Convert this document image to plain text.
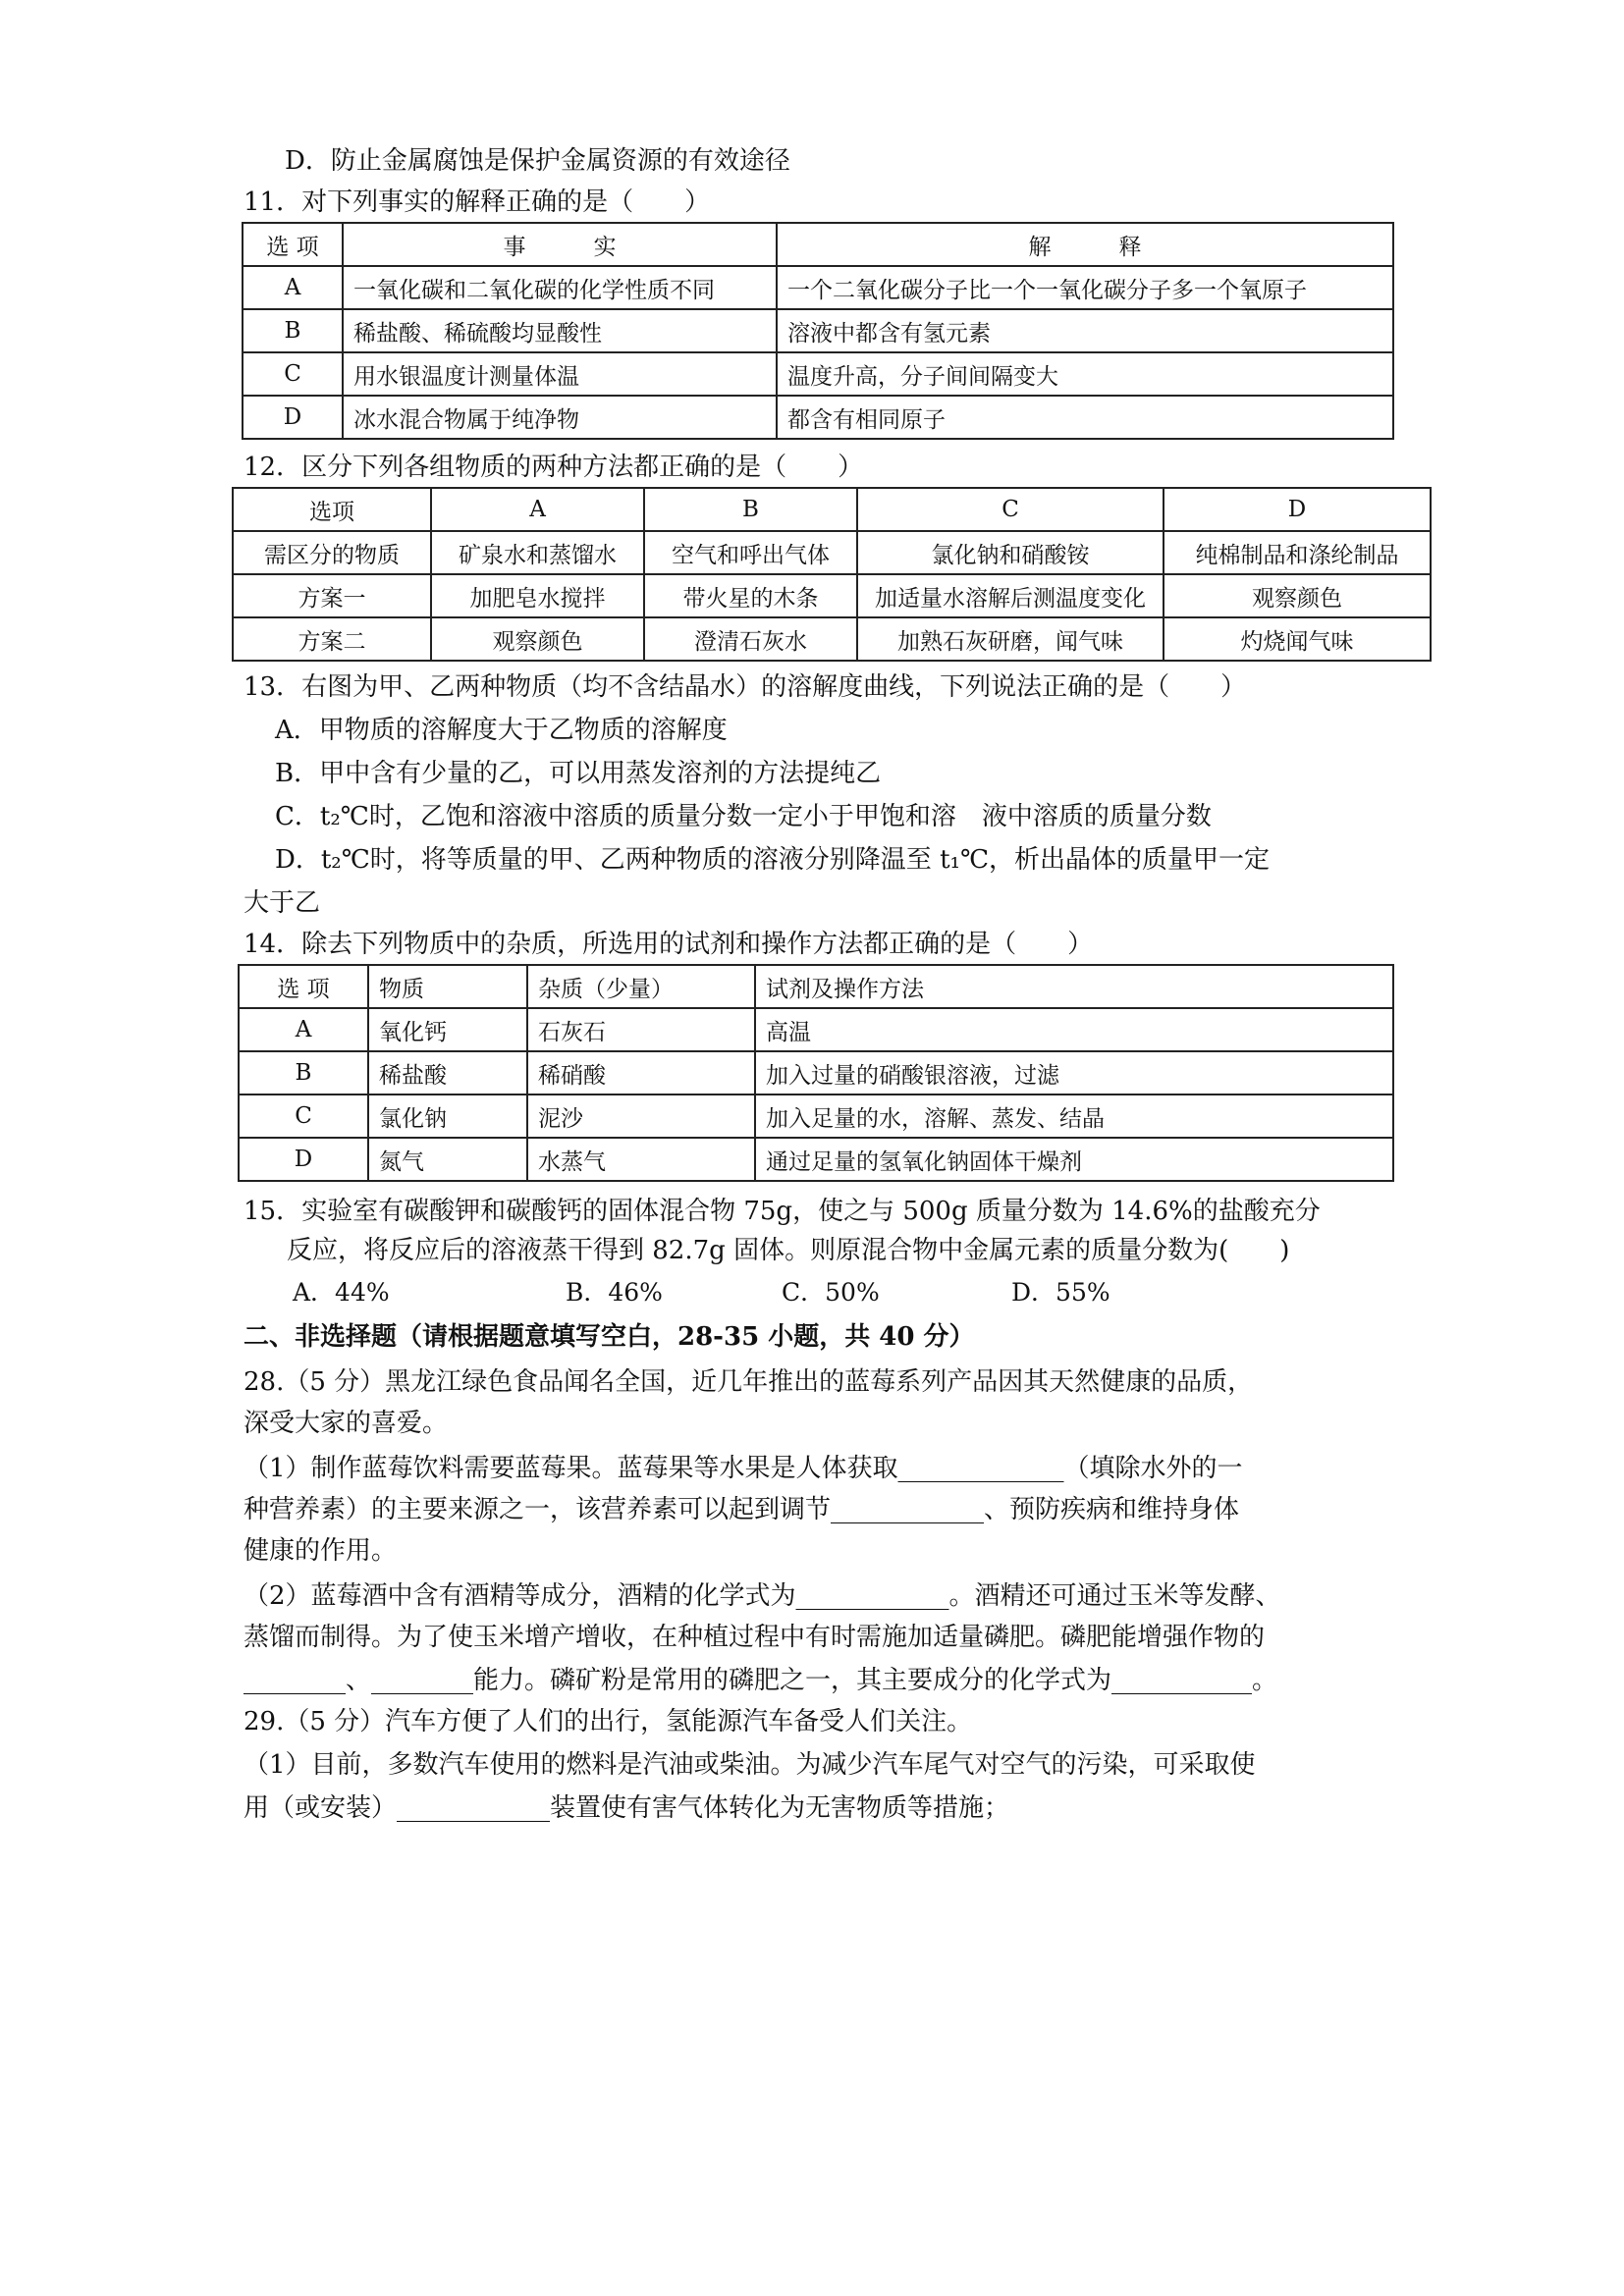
D．防止金属腐蚀是保护金属资源的有效途径
11．对下列事实的解释正确的是（　　）
选 项	事　　　实	解　　　释
A	一氧化碳和二氧化碳的化学性质不同	一个二氧化碳分子比一个一氧化碳分子多一个氧原子
B	稀盐酸、稀硫酸均显酸性	溶液中都含有氢元素
C	用水银温度计测量体温	温度升高，分子间间隔变大
D	冰水混合物属于纯净物	都含有相同原子
12．区分下列各组物质的两种方法都正确的是（　　）
选项	A	B	C	D
需区分的物质	矿泉水和蒸馏水	空气和呼出气体	氯化钠和硝酸铵	纯棉制品和涤纶制品
方案一	加肥皂水搅拌	带火星的木条	加适量水溶解后测温度变化	观察颜色
方案二	观察颜色	澄清石灰水	加熟石灰研磨，闻气味	灼烧闻气味
13．右图为甲、乙两种物质（均不含结晶水）的溶解度曲线，下列说法正确的是（　　）
A．甲物质的溶解度大于乙物质的溶解度
B．甲中含有少量的乙，可以用蒸发溶剂的方法提纯乙
C．t₂℃时，乙饱和溶液中溶质的质量分数一定小于甲饱和溶　液中溶质的质量分数
D．t₂℃时，将等质量的甲、乙两种物质的溶液分别降温至 t₁℃，析出晶体的质量甲一定
大于乙
14．除去下列物质中的杂质，所选用的试剂和操作方法都正确的是（　　）
选 项	物质	杂质（少量）	试剂及操作方法
A	氧化钙	石灰石	高温
B	稀盐酸	稀硝酸	加入过量的硝酸银溶液，过滤
C	氯化钠	泥沙	加入足量的水，溶解、蒸发、结晶
D	氮气	水蒸气	通过足量的氢氧化钠固体干燥剂
15．实验室有碳酸钾和碳酸钙的固体混合物 75g，使之与 500g 质量分数为 14.6%的盐酸充分
反应，将反应后的溶液蒸干得到 82.7g 固体。则原混合物中金属元素的质量分数为(　　)
A．44%	B．46%	C．50%	D．55%
二、非选择题（请根据题意填写空白，28-35 小题，共 40 分）
28.（5 分）黑龙江绿色食品闻名全国，近几年推出的蓝莓系列产品因其天然健康的品质，
深受大家的喜爱。
（1）制作蓝莓饮料需要蓝莓果。蓝莓果等水果是人体获取_____________（填除水外的一
种营养素）的主要来源之一，该营养素可以起到调节____________、预防疾病和维持身体
健康的作用。
（2）蓝莓酒中含有酒精等成分，酒精的化学式为____________。酒精还可通过玉米等发酵、
蒸馏而制得。为了使玉米增产增收，在种植过程中有时需施加适量磷肥。磷肥能增强作物的
________、________能力。磷矿粉是常用的磷肥之一，其主要成分的化学式为___________。
29.（5 分）汽车方便了人们的出行，氢能源汽车备受人们关注。
（1）目前，多数汽车使用的燃料是汽油或柴油。为减少汽车尾气对空气的污染，可采取使
用（或安装）____________装置使有害气体转化为无害物质等措施；
